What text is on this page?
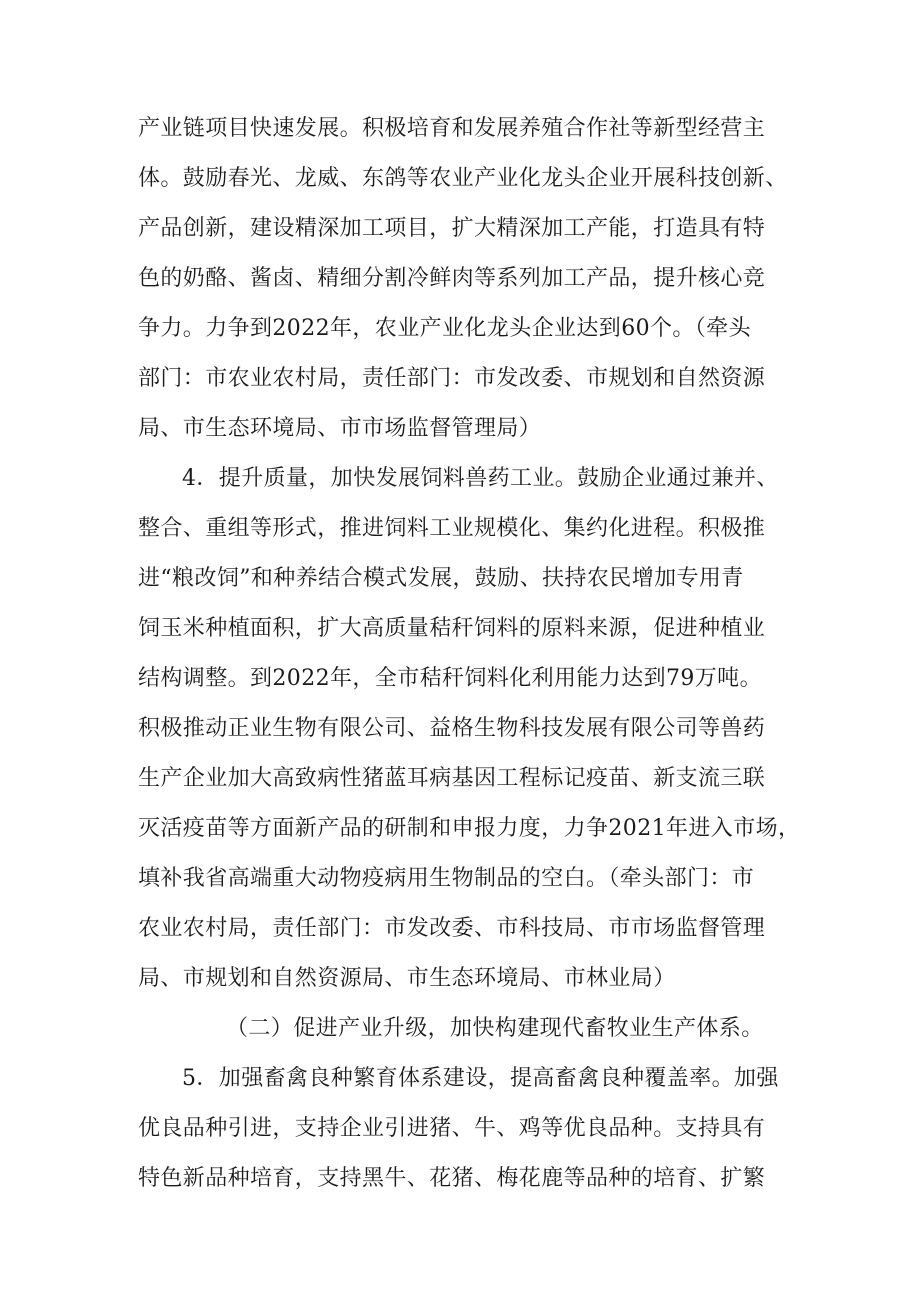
产业链项目快速发展。积极培育和发展养殖合作社等新型经营主
体。鼓励春光、龙威、东鸽等农业产业化龙头企业开展科技创新、
产品创新，建设精深加工项目，扩大精深加工产能，打造具有特
色的奶酪、酱卤、精细分割冷鲜肉等系列加工产品，提升核心竞
争力。力争到2022年，农业产业化龙头企业达到60个。（牵头
部门：市农业农村局，责任部门：市发改委、市规划和自然资源
局、市生态环境局、市市场监督管理局）
4．提升质量，加快发展饲料兽药工业。鼓励企业通过兼并、
整合、重组等形式，推进饲料工业规模化、集约化进程。积极推
进“粮改饲”和种养结合模式发展，鼓励、扶持农民增加专用青
饲玉米种植面积，扩大高质量秸秆饲料的原料来源，促进种植业
结构调整。到2022年，全市秸秆饲料化利用能力达到79万吨。
积极推动正业生物有限公司、益格生物科技发展有限公司等兽药
生产企业加大高致病性猪蓝耳病基因工程标记疫苗、新支流三联
灭活疫苗等方面新产品的研制和申报力度，力争2021年进入市场，
填补我省高端重大动物疫病用生物制品的空白。（牵头部门：市
农业农村局，责任部门：市发改委、市科技局、市市场监督管理
局、市规划和自然资源局、市生态环境局、市林业局）
（二）促进产业升级，加快构建现代畜牧业生产体系。
5．加强畜禽良种繁育体系建设，提高畜禽良种覆盖率。加强
优良品种引进，支持企业引进猪、牛、鸡等优良品种。支持具有
特色新品种培育，支持黑牛、花猪、梅花鹿等品种的培育、扩繁
